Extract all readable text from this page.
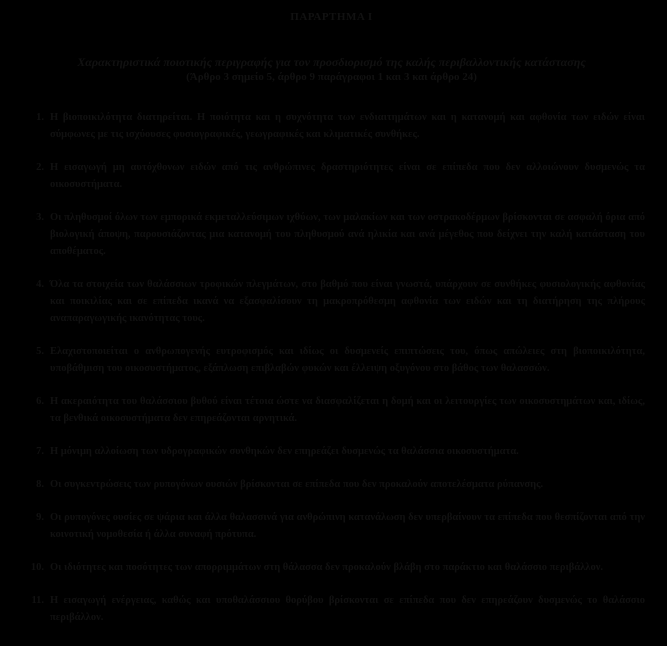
ΠΑΡΑΡΤΗΜΑ Ι

Χαρακτηριστικά ποιοτικής περιγραφής για τον προσδιορισμό της καλής περιβαλλοντικής κατάστασης

(Άρθρο 3 σημείο 5, άρθρο 9 παράγραφοι 1 και 3 και άρθρο 24)

1. Η βιοποικιλότητα διατηρείται. Η ποιότητα και η συχνότητα των ενδιαιτημάτων και η κατανομή και αφθονία των ειδών είναι σύμφωνες με τις ισχύουσες φυσιογραφικές, γεωγραφικές και κλιματικές συνθήκες.
2. Η εισαγωγή μη αυτόχθονων ειδών από τις ανθρώπινες δραστηριότητες είναι σε επίπεδα που δεν αλλοιώνουν δυσμενώς τα οικοσυστήματα.
3. Οι πληθυσμοί όλων των εμπορικά εκμεταλλεύσιμων ιχθύων, των μαλακίων και των οστρακοδέρμων βρίσκονται σε ασφαλή όρια από βιολογική άποψη, παρουσιάζοντας μια κατανομή του πληθυσμού ανά ηλικία και ανά μέγεθος που δείχνει την καλή κατάσταση του αποθέματος.
4. Όλα τα στοιχεία των θαλάσσιων τροφικών πλεγμάτων, στο βαθμό που είναι γνωστά, υπάρχουν σε συνθήκες φυσιολογικής αφθονίας και ποικιλίας και σε επίπεδα ικανά να εξασφαλίσουν τη μακροπρόθεσμη αφθονία των ειδών και τη διατήρηση της πλήρους αναπαραγωγικής ικανότητας τους.
5. Ελαχιστοποιείται ο ανθρωπογενής ευτροφισμός και ιδίως οι δυσμενείς επιπτώσεις του, όπως απώλειες στη βιοποικιλότητα, υποβάθμιση του οικοσυστήματος, εξάπλωση επιβλαβών φυκών και έλλειψη οξυγόνου στο βάθος των θαλασσών.
6. Η ακεραιότητα του θαλάσσιου βυθού είναι τέτοια ώστε να διασφαλίζεται η δομή και οι λειτουργίες των οικοσυστημάτων και, ιδίως, τα βενθικά οικοσυστήματα δεν επηρεάζονται αρνητικά.
7. Η μόνιμη αλλοίωση των υδρογραφικών συνθηκών δεν επηρεάζει δυσμενώς τα θαλάσσια οικοσυστήματα.
8. Οι συγκεντρώσεις των ρυπογόνων ουσιών βρίσκονται σε επίπεδα που δεν προκαλούν αποτελέσματα ρύπανσης.
9. Οι ρυπογόνες ουσίες σε ψάρια και άλλα θαλασσινά για ανθρώπινη κατανάλωση δεν υπερβαίνουν τα επίπεδα που θεσπίζονται από την κοινοτική νομοθεσία ή άλλα συναφή πρότυπα.
10. Οι ιδιότητες και ποσότητες των απορριμμάτων στη θάλασσα δεν προκαλούν βλάβη στο παράκτιο και θαλάσσιο περιβάλλον.
11. Η εισαγωγή ενέργειας, καθώς και υποθαλάσσιου θορύβου βρίσκονται σε επίπεδα που δεν επηρεάζουν δυσμενώς το θαλάσσιο περιβάλλον.
